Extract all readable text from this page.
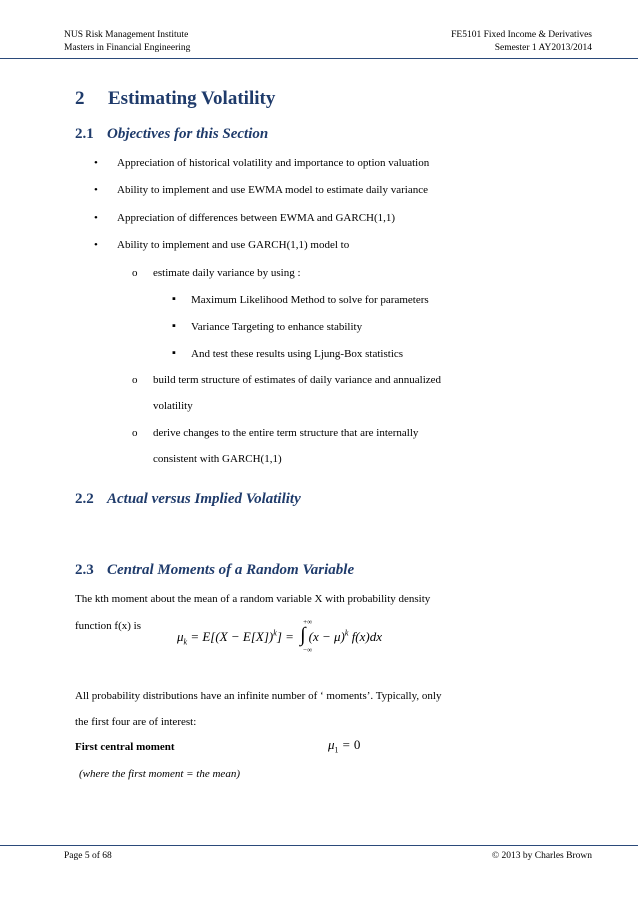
NUS Risk Management Institute
Masters in Financial Engineering
FE5101 Fixed Income & Derivatives
Semester 1 AY2013/2014
2 Estimating Volatility
2.1 Objectives for this Section
• Appreciation of historical volatility and importance to option valuation
• Ability to implement and use EWMA model to estimate daily variance
• Appreciation of differences between EWMA and GARCH(1,1)
• Ability to implement and use GARCH(1,1) model to
o estimate daily variance by using :
▪ Maximum Likelihood Method to solve for parameters
▪ Variance Targeting to enhance stability
▪ And test these results using Ljung-Box statistics
o build term structure of estimates of daily variance and annualized
volatility
o derive changes to the entire term structure that are internally
consistent with GARCH(1,1)
2.2 Actual versus Implied Volatility
2.3 Central Moments of a Random Variable
The kth moment about the mean of a random variable X with probability density
function f(x) is
$\mu_k = E[(X - E[X])^k]$ = ∫
+∞
−∞
$(x - \mu)^k$ f(x)dx
All probability distributions have an infinite number of ‘ moments’. Typically, only
the first four are of interest:
First central moment	$\mu_1 = 0$
(where the first moment = the mean)
Page 5 of 68	© 2013 by Charles Brown
